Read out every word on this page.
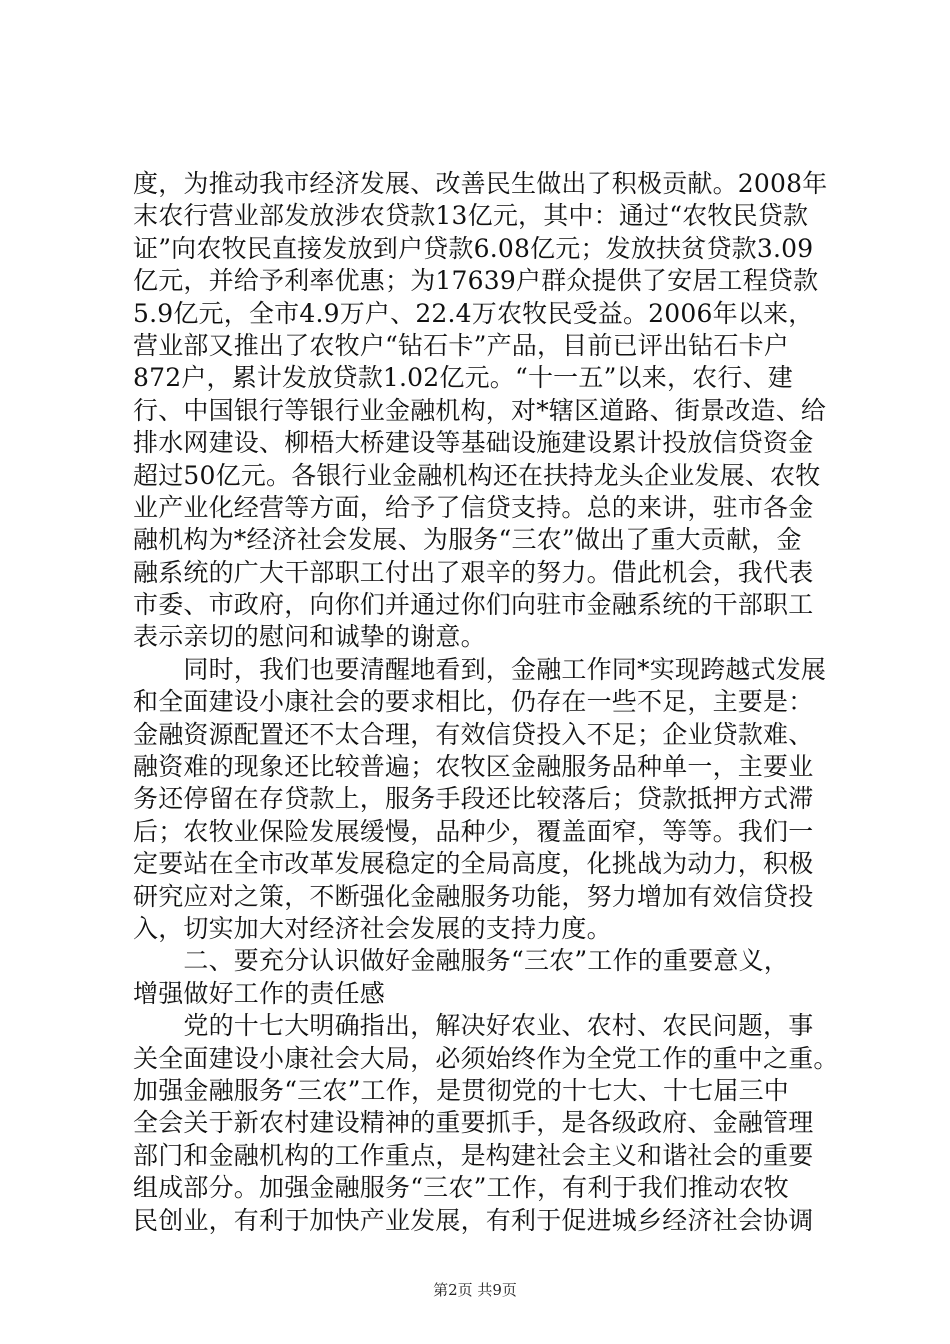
度，为推动我市经济发展、改善民生做出了积极贡献。2008年
末农行营业部发放涉农贷款13亿元，其中：通过“农牧民贷款
证”向农牧民直接发放到户贷款6.08亿元；发放扶贫贷款3.09
亿元，并给予利率优惠；为17639户群众提供了安居工程贷款
5.9亿元，全市4.9万户、22.4万农牧民受益。2006年以来，
营业部又推出了农牧户“钻石卡”产品，目前已评出钻石卡户
872户，累计发放贷款1.02亿元。“十一五”以来，农行、建
行、中国银行等银行业金融机构，对*辖区道路、街景改造、给
排水网建设、柳梧大桥建设等基础设施建设累计投放信贷资金
超过50亿元。各银行业金融机构还在扶持龙头企业发展、农牧
业产业化经营等方面，给予了信贷支持。总的来讲，驻市各金
融机构为*经济社会发展、为服务“三农”做出了重大贡献，金
融系统的广大干部职工付出了艰辛的努力。借此机会，我代表
市委、市政府，向你们并通过你们向驻市金融系统的干部职工
表示亲切的慰问和诚挚的谢意。
　　同时，我们也要清醒地看到，金融工作同*实现跨越式发展
和全面建设小康社会的要求相比，仍存在一些不足，主要是：
金融资源配置还不太合理，有效信贷投入不足；企业贷款难、
融资难的现象还比较普遍；农牧区金融服务品种单一，主要业
务还停留在存贷款上，服务手段还比较落后；贷款抵押方式滞
后；农牧业保险发展缓慢，品种少，覆盖面窄，等等。我们一
定要站在全市改革发展稳定的全局高度，化挑战为动力，积极
研究应对之策，不断强化金融服务功能，努力增加有效信贷投
入，切实加大对经济社会发展的支持力度。
　　二、要充分认识做好金融服务“三农”工作的重要意义，
增强做好工作的责任感
　　党的十七大明确指出，解决好农业、农村、农民问题，事
关全面建设小康社会大局，必须始终作为全党工作的重中之重。
加强金融服务“三农”工作，是贯彻党的十七大、十七届三中
全会关于新农村建设精神的重要抓手，是各级政府、金融管理
部门和金融机构的工作重点，是构建社会主义和谐社会的重要
组成部分。加强金融服务“三农”工作，有利于我们推动农牧
民创业，有利于加快产业发展，有利于促进城乡经济社会协调
第2页 共9页
